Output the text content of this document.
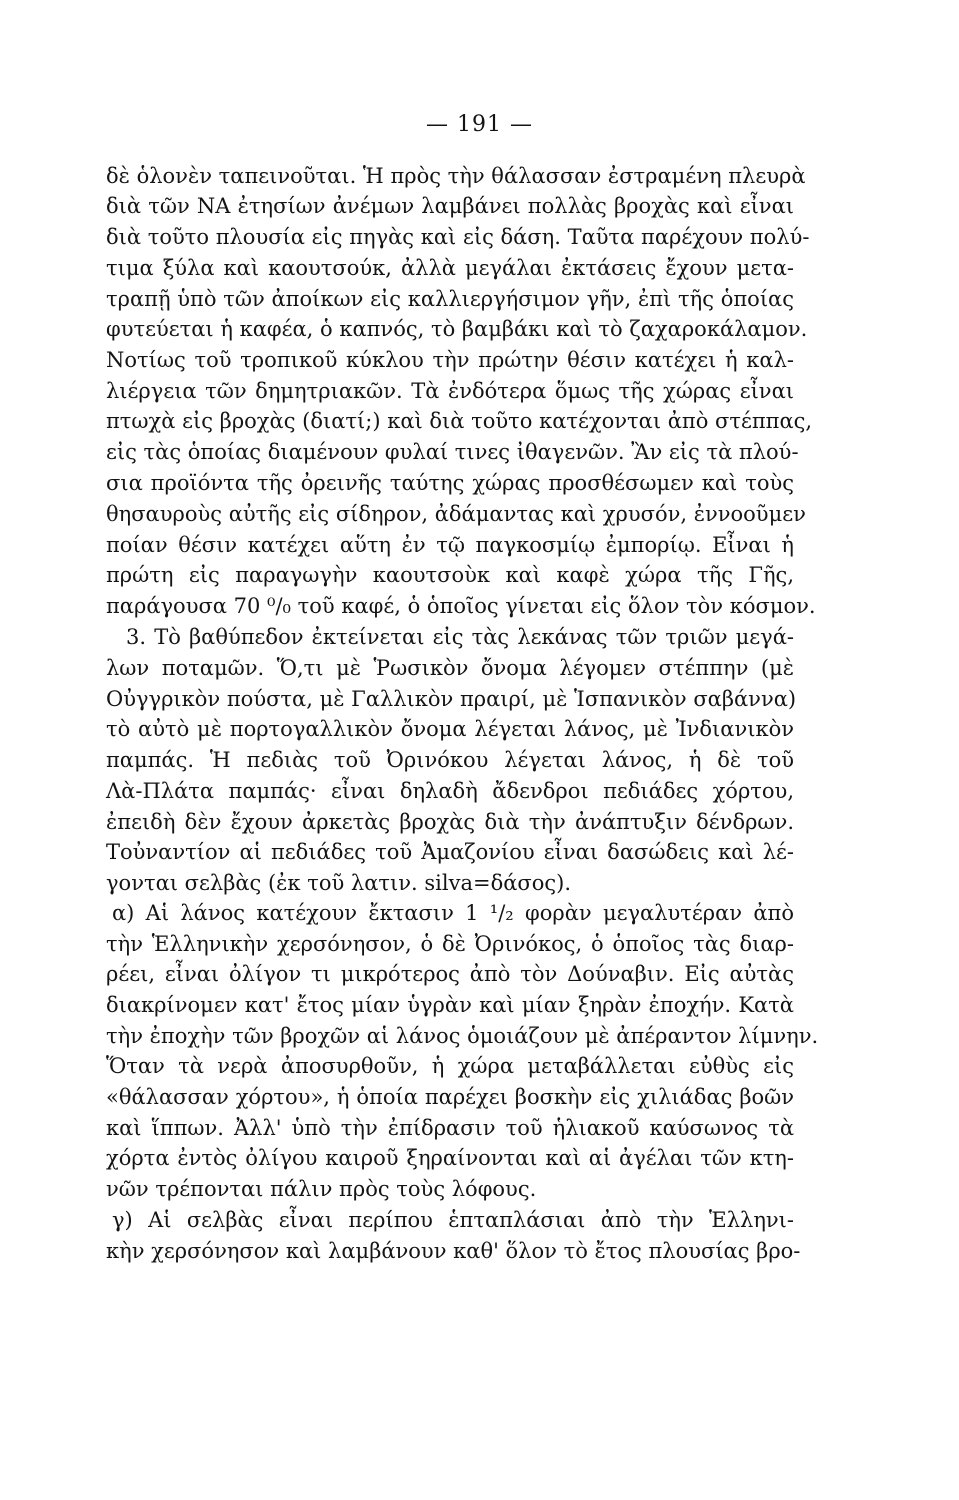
— 191 —

δὲ ὁλονὲν ταπεινοῦται. Ἡ πρὸς τὴν θάλασσαν ἐστραμένη πλευρὰ

διὰ τῶν ΝΑ ἐτησίων ἀνέμων λαμβάνει πολλὰς βροχὰς καὶ εἶναι

διὰ τοῦτο πλουσία εἰς πηγὰς καὶ εἰς δάση. Ταῦτα παρέχουν πολύ-

τιμα ξύλα καὶ καουτσούκ, ἀλλὰ μεγάλαι ἐκτάσεις ἔχουν μετα-

τραπῇ ὑπὸ τῶν ἀποίκων εἰς καλλιεργήσιμον γῆν, ἐπὶ τῆς ὁποίας

φυτεύεται ἡ καφέα, ὁ καπνός, τὸ βαμβάκι καὶ τὸ ζαχαροκάλαμον.

Νοτίως τοῦ τροπικοῦ κύκλου τὴν πρώτην θέσιν κατέχει ἡ καλ-

λιέργεια τῶν δημητριακῶν. Τὰ ἐνδότερα ὅμως τῆς χώρας εἶναι

πτωχὰ εἰς βροχὰς (διατί;) καὶ διὰ τοῦτο κατέχονται ἀπὸ στέππας,

εἰς τὰς ὁποίας διαμένουν φυλαί τινες ἰθαγενῶν. Ἂν εἰς τὰ πλού-

σια προϊόντα τῆς ὀρεινῆς ταύτης χώρας προσθέσωμεν καὶ τοὺς

θησαυροὺς αὐτῆς εἰς σίδηρον, ἀδάμαντας καὶ χρυσόν, ἐννοοῦμεν

ποίαν θέσιν κατέχει αὕτη ἐν τῷ παγκοσμίῳ ἐμπορίῳ. Εἶναι ἡ

πρώτη εἰς παραγωγὴν καουτσοὺκ καὶ καφὲ χώρα τῆς Γῆς,

παράγουσα 70 ⁰/₀ τοῦ καφέ, ὁ ὁποῖος γίνεται εἰς ὅλον τὸν κόσμον.

3. Τὸ βαθύπεδον ἐκτείνεται εἰς τὰς λεκάνας τῶν τριῶν μεγά-

λων ποταμῶν. Ὅ,τι μὲ Ῥωσικὸν ὄνομα λέγομεν στέππην (μὲ

Οὐγγρικὸν πούστα, μὲ Γαλλικὸν πραιρί, μὲ Ἱσπανικὸν σαβάννα)

τὸ αὐτὸ μὲ πορτογαλλικὸν ὄνομα λέγεται λάνος, μὲ Ἰνδιανικὸν

παμπάς. Ἡ πεδιὰς τοῦ Ὀρινόκου λέγεται λάνος, ἡ δὲ τοῦ

Λὰ-Πλάτα παμπάς· εἶναι δηλαδὴ ἄδενδροι πεδιάδες χόρτου,

ἐπειδὴ δὲν ἔχουν ἀρκετὰς βροχὰς διὰ τὴν ἀνάπτυξιν δένδρων.

Τοὐναντίον αἱ πεδιάδες τοῦ Ἀμαζονίου εἶναι δασώδεις καὶ λέ-

γονται σελβὰς (ἐκ τοῦ λατιν. silva=δάσος).

α) Αἱ λάνος κατέχουν ἔκτασιν 1 ¹/₂ φορὰν μεγαλυτέραν ἀπὸ

τὴν Ἑλληνικὴν χερσόνησον, ὁ δὲ Ὀρινόκος, ὁ ὁποῖος τὰς διαρ-

ρέει, εἶναι ὀλίγον τι μικρότερος ἀπὸ τὸν Δούναβιν. Εἰς αὐτὰς

διακρίνομεν κατ' ἔτος μίαν ὑγρὰν καὶ μίαν ξηρὰν ἐποχήν. Κατὰ

τὴν ἐποχὴν τῶν βροχῶν αἱ λάνος ὁμοιάζουν μὲ ἀπέραντον λίμνην.

Ὅταν τὰ νερὰ ἀποσυρθοῦν, ἡ χώρα μεταβάλλεται εὐθὺς εἰς

«θάλασσαν χόρτου», ἡ ὁποία παρέχει βοσκὴν εἰς χιλιάδας βοῶν

καὶ ἵππων. Ἀλλ' ὑπὸ τὴν ἐπίδρασιν τοῦ ἡλιακοῦ καύσωνος τὰ

χόρτα ἐντὸς ὀλίγου καιροῦ ξηραίνονται καὶ αἱ ἀγέλαι τῶν κτη-

νῶν τρέπονται πάλιν πρὸς τοὺς λόφους.

γ) Αἱ σελβὰς εἶναι περίπου ἑπταπλάσιαι ἀπὸ τὴν Ἑλληνι-

κὴν χερσόνησον καὶ λαμβάνουν καθ' ὅλον τὸ ἔτος πλουσίας βρο-
